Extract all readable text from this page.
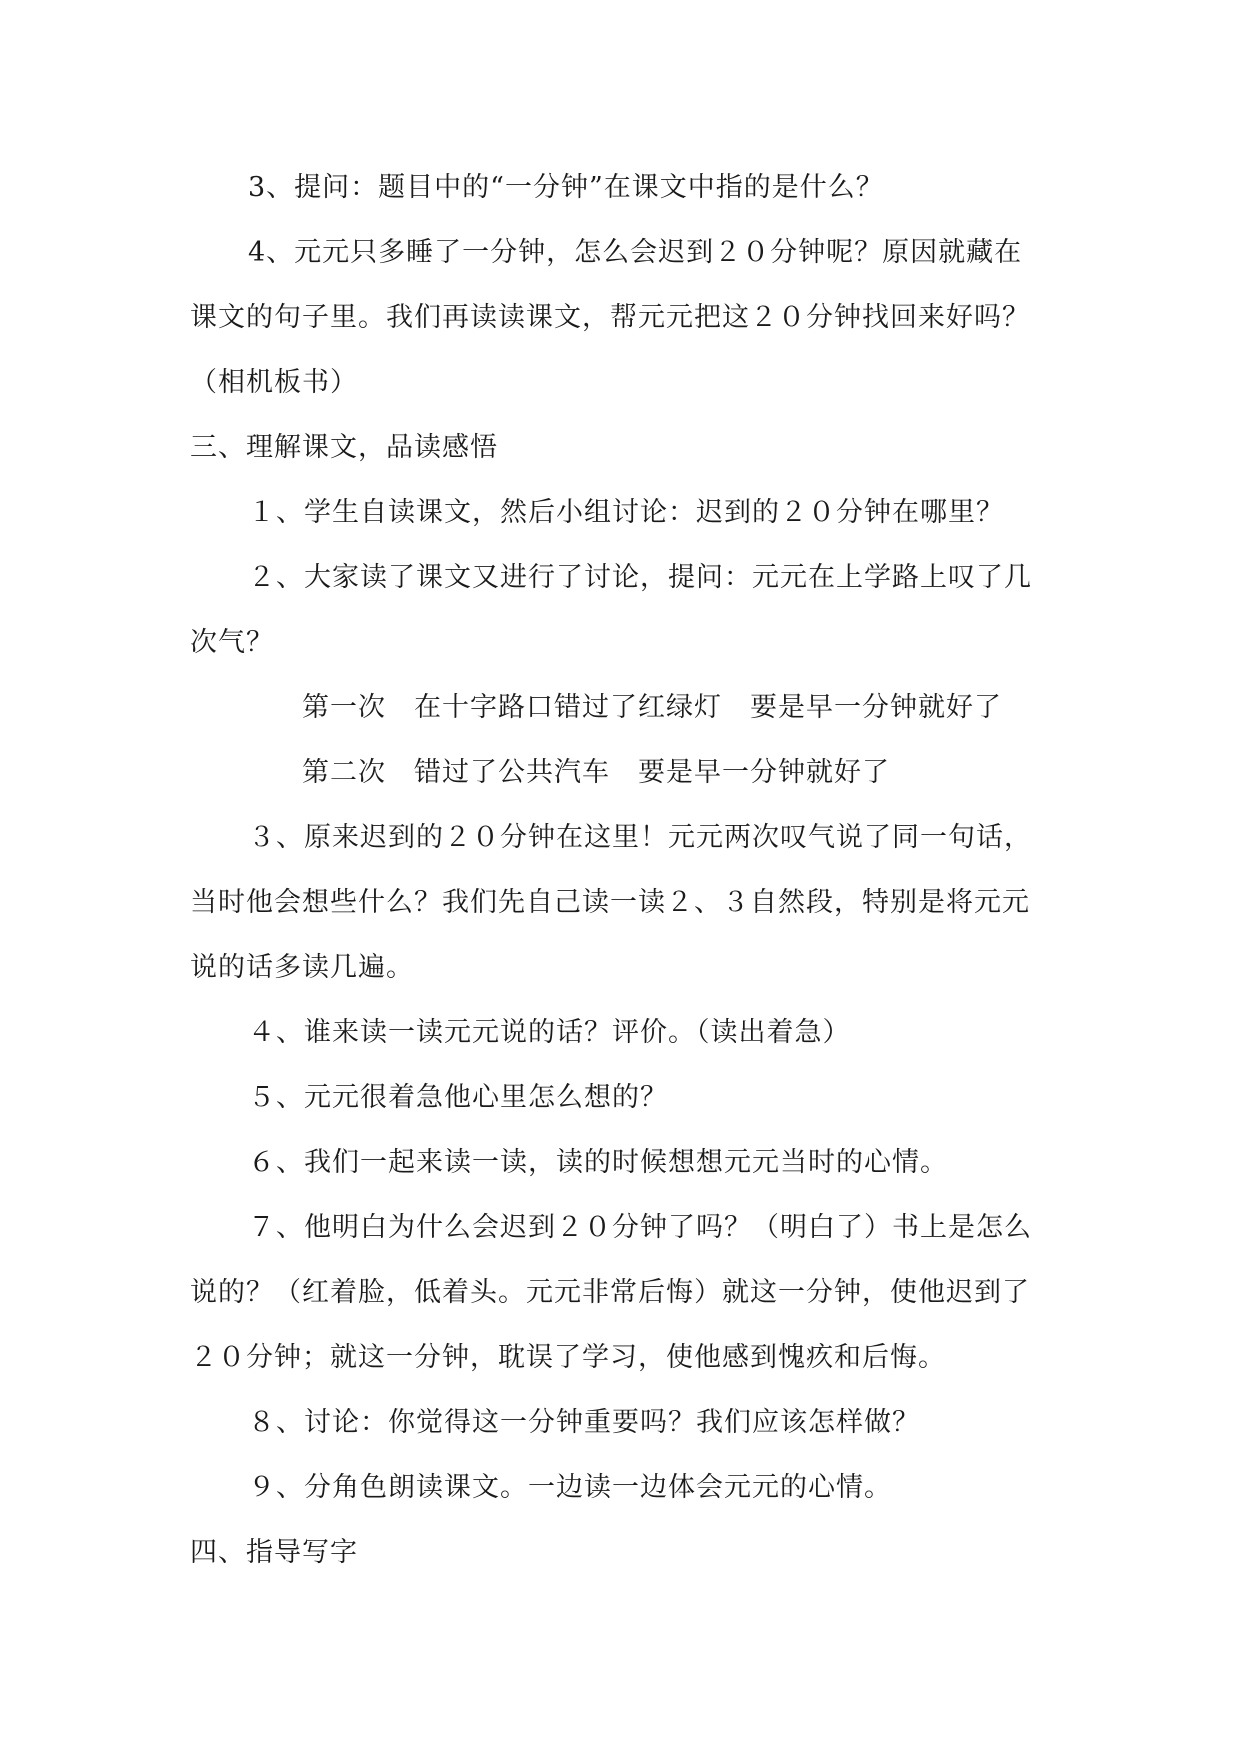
3、提问：题目中的“一分钟”在课文中指的是什么？

4、元元只多睡了一分钟，怎么会迟到２０分钟呢？原因就藏在课文的句子里。我们再读读课文，帮元元把这２０分钟找回来好吗？（相机板书）

三、理解课文，品读感悟

１、学生自读课文，然后小组讨论：迟到的２０分钟在哪里？

２、大家读了课文又进行了讨论，提问：元元在上学路上叹了几次气？

第一次　在十字路口错过了红绿灯　要是早一分钟就好了

第二次　错过了公共汽车　要是早一分钟就好了

３、原来迟到的２０分钟在这里！元元两次叹气说了同一句话，当时他会想些什么？我们先自己读一读２、３自然段，特别是将元元说的话多读几遍。

４、谁来读一读元元说的话？评价。（读出着急）

５、元元很着急他心里怎么想的？

６、我们一起来读一读，读的时候想想元元当时的心情。

７、他明白为什么会迟到２０分钟了吗？（明白了）书上是怎么说的？（红着脸，低着头。元元非常后悔）就这一分钟，使他迟到了２０分钟；就这一分钟，耽误了学习，使他感到愧疚和后悔。

８、讨论：你觉得这一分钟重要吗？我们应该怎样做？

９、分角色朗读课文。一边读一边体会元元的心情。

四、指导写字
